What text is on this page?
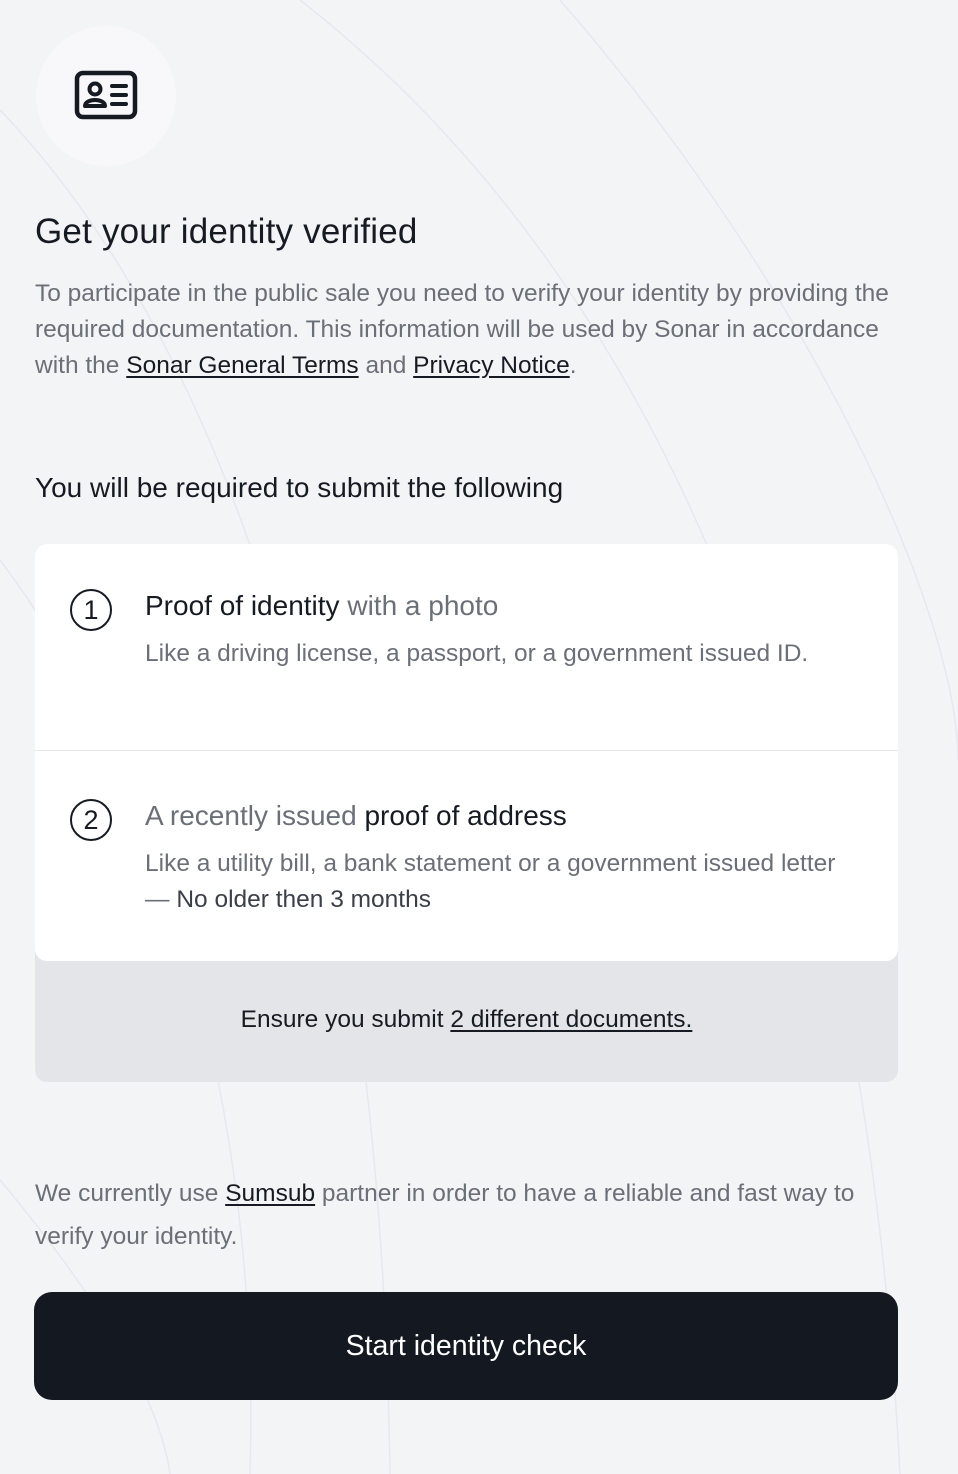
Get your identity verified

To participate in the public sale you need to verify your identity by providing the required documentation. This information will be used by Sonar in accordance with the Sonar General Terms and Privacy Notice.

You will be required to submit the following
1	Proof of identity with a photo

Like a driving license, a passport, or a government issued ID.

2	A recently issued proof of address

Like a utility bill, a bank statement or a government issued letter — No older then 3 months

Ensure you submit 2 different documents.

We currently use Sumsub partner in order to have a reliable and fast way to verify your identity.

Start identity check
